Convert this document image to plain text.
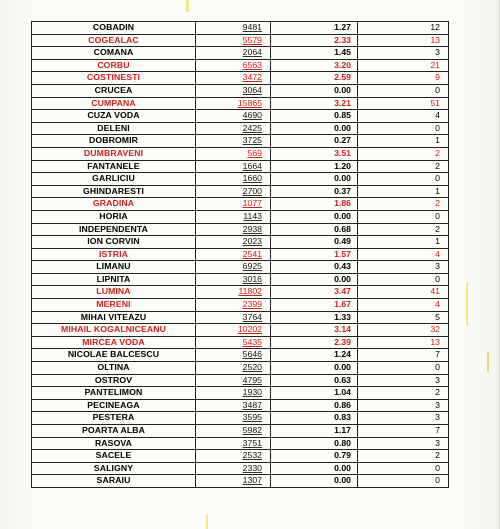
COBADIN	9481	1.27	12
COGEALAC	5579	2.33	13
COMANA	2064	1.45	3
CORBU	6563	3.20	21
COSTINESTI	3472	2.59	9
CRUCEA	3064	0.00	0
CUMPANA	15865	3.21	51
CUZA VODA	4690	0.85	4
DELENI	2425	0.00	0
DOBROMIR	3725	0.27	1
DUMBRAVENI	569	3.51	2
FANTANELE	1664	1.20	2
GARLICIU	1660	0.00	0
GHINDARESTI	2700	0.37	1
GRADINA	1077	1.86	2
HORIA	1143	0.00	0
INDEPENDENTA	2938	0.68	2
ION CORVIN	2023	0.49	1
ISTRIA	2541	1.57	4
LIMANU	6925	0.43	3
LIPNITA	3016	0.00	0
LUMINA	11802	3.47	41
MERENI	2399	1.67	4
MIHAI VITEAZU	3764	1.33	5
MIHAIL KOGALNICEANU	10202	3.14	32
MIRCEA VODA	5435	2.39	13
NICOLAE BALCESCU	5646	1.24	7
OLTINA	2520	0.00	0
OSTROV	4795	0.63	3
PANTELIMON	1930	1.04	2
PECINEAGA	3487	0.86	3
PESTERA	3595	0.83	3
POARTA ALBA	5982	1.17	7
RASOVA	3751	0.80	3
SACELE	2532	0.79	2
SALIGNY	2330	0.00	0
SARAIU	1307	0.00	0
